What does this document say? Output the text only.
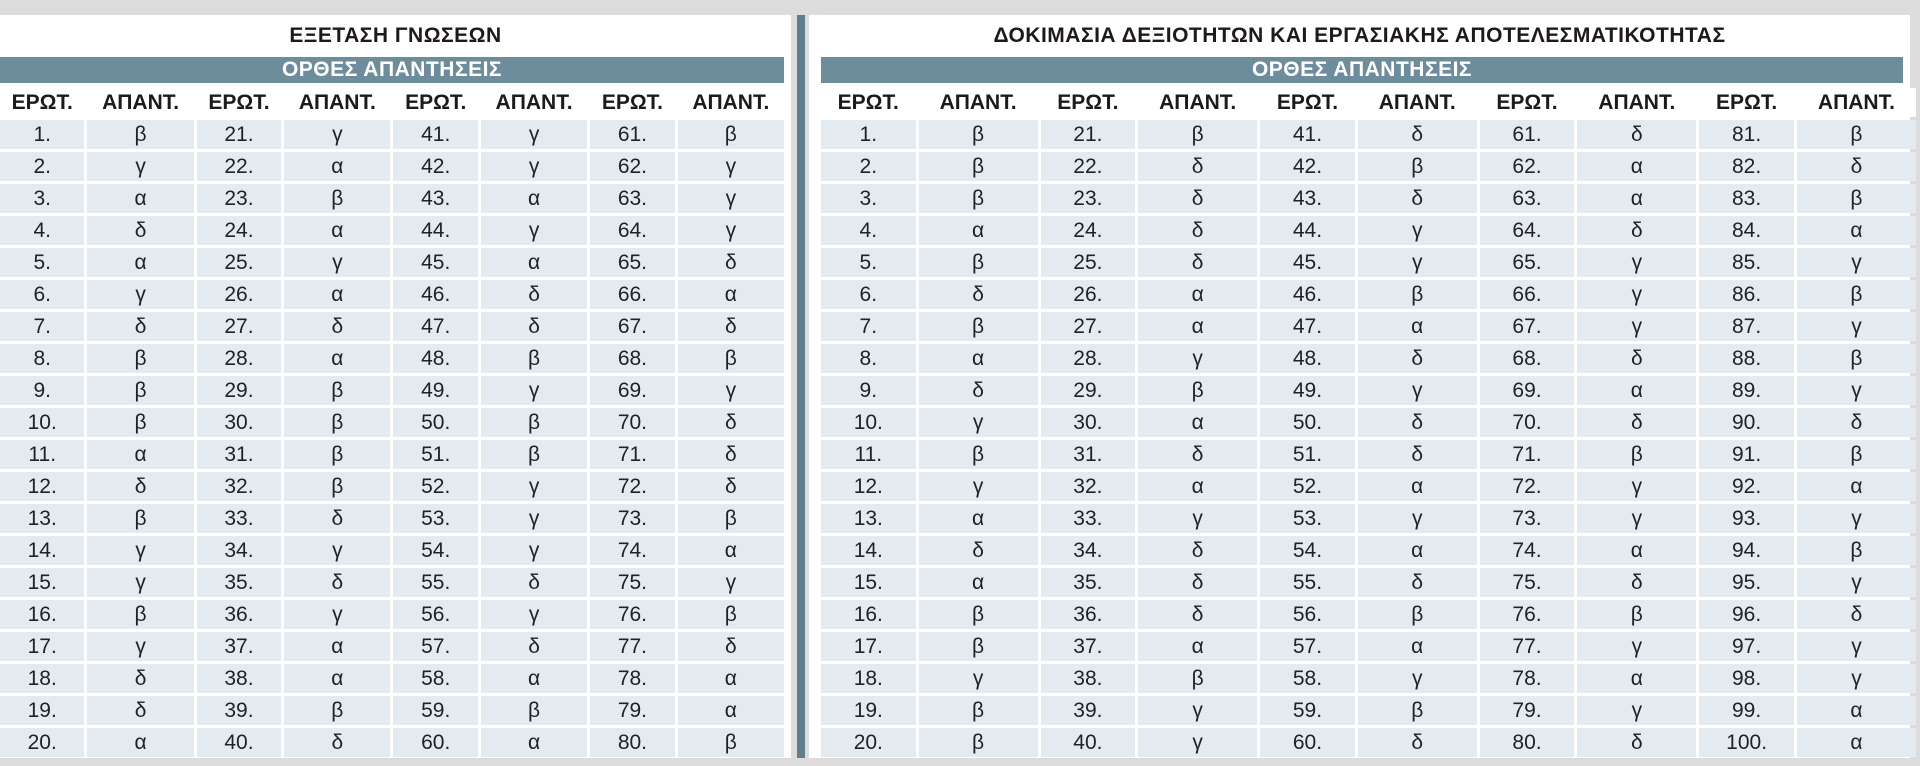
ΕΞΕΤΑΣΗ ΓΝΩΣΕΩΝ
ΟΡΘΕΣ ΑΠΑΝΤΗΣΕΙΣ
ΕΡΩΤ.	ΑΠΑΝΤ.	ΕΡΩΤ.	ΑΠΑΝΤ.	ΕΡΩΤ.	ΑΠΑΝΤ.	ΕΡΩΤ.	ΑΠΑΝΤ.
1.	β	21.	γ	41.	γ	61.	β
2.	γ	22.	α	42.	γ	62.	γ
3.	α	23.	β	43.	α	63.	γ
4.	δ	24.	α	44.	γ	64.	γ
5.	α	25.	γ	45.	α	65.	δ
6.	γ	26.	α	46.	δ	66.	α
7.	δ	27.	δ	47.	δ	67.	δ
8.	β	28.	α	48.	β	68.	β
9.	β	29.	β	49.	γ	69.	γ
10.	β	30.	β	50.	β	70.	δ
11.	α	31.	β	51.	β	71.	δ
12.	δ	32.	β	52.	γ	72.	δ
13.	β	33.	δ	53.	γ	73.	β
14.	γ	34.	γ	54.	γ	74.	α
15.	γ	35.	δ	55.	δ	75.	γ
16.	β	36.	γ	56.	γ	76.	β
17.	γ	37.	α	57.	δ	77.	δ
18.	δ	38.	α	58.	α	78.	α
19.	δ	39.	β	59.	β	79.	α
20.	α	40.	δ	60.	α	80.	β
ΔΟΚΙΜΑΣΙΑ ΔΕΞΙΟΤΗΤΩΝ ΚΑΙ ΕΡΓΑΣΙΑΚΗΣ ΑΠΟΤΕΛΕΣΜΑΤΙΚΟΤΗΤΑΣ
ΟΡΘΕΣ ΑΠΑΝΤΗΣΕΙΣ
ΕΡΩΤ.	ΑΠΑΝΤ.	ΕΡΩΤ.	ΑΠΑΝΤ.	ΕΡΩΤ.	ΑΠΑΝΤ.	ΕΡΩΤ.	ΑΠΑΝΤ.	ΕΡΩΤ.	ΑΠΑΝΤ.
1.	β	21.	β	41.	δ	61.	δ	81.	β
2.	β	22.	δ	42.	β	62.	α	82.	δ
3.	β	23.	δ	43.	δ	63.	α	83.	β
4.	α	24.	δ	44.	γ	64.	δ	84.	α
5.	β	25.	δ	45.	γ	65.	γ	85.	γ
6.	δ	26.	α	46.	β	66.	γ	86.	β
7.	β	27.	α	47.	α	67.	γ	87.	γ
8.	α	28.	γ	48.	δ	68.	δ	88.	β
9.	δ	29.	β	49.	γ	69.	α	89.	γ
10.	γ	30.	α	50.	δ	70.	δ	90.	δ
11.	β	31.	δ	51.	δ	71.	β	91.	β
12.	γ	32.	α	52.	α	72.	γ	92.	α
13.	α	33.	γ	53.	γ	73.	γ	93.	γ
14.	δ	34.	δ	54.	α	74.	α	94.	β
15.	α	35.	δ	55.	δ	75.	δ	95.	γ
16.	β	36.	δ	56.	β	76.	β	96.	δ
17.	β	37.	α	57.	α	77.	γ	97.	γ
18.	γ	38.	β	58.	γ	78.	α	98.	γ
19.	β	39.	γ	59.	β	79.	γ	99.	α
20.	β	40.	γ	60.	δ	80.	δ	100.	α
